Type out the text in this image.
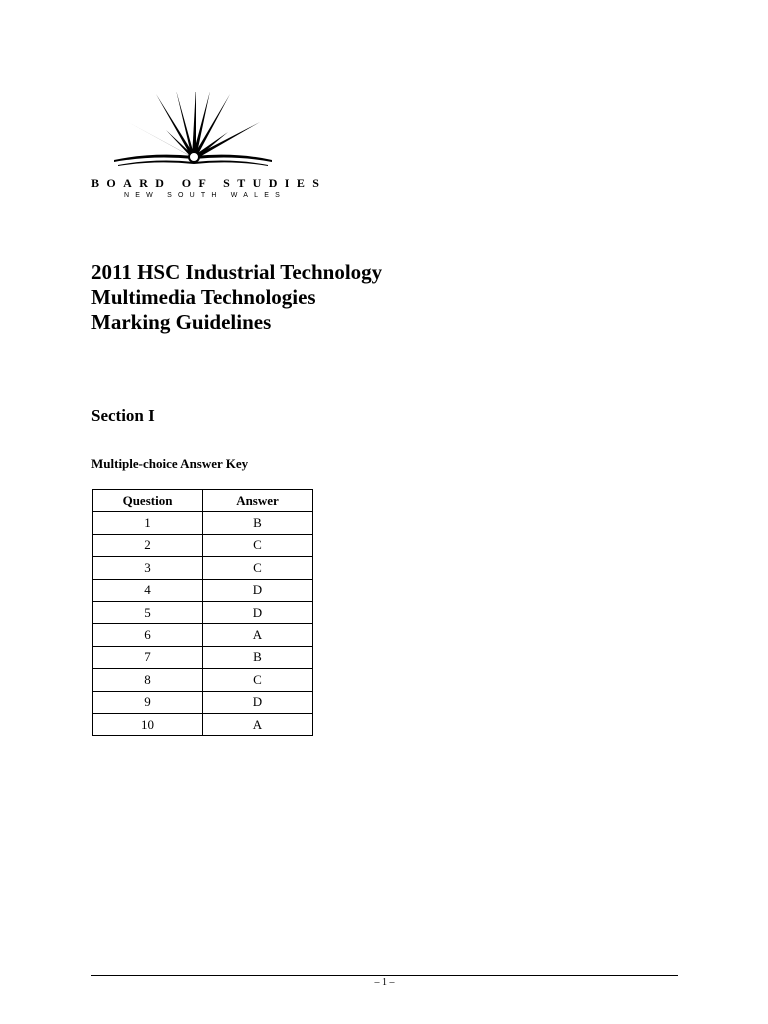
BOARD OF STUDIES
NEW SOUTH WALES
2011 HSC Industrial Technology
Multimedia Technologies
Marking Guidelines
Section I
Multiple-choice Answer Key
Question	Answer
1	B
2	C
3	C
4	D
5	D
6	A
7	B
8	C
9	D
10	A
– 1 –
